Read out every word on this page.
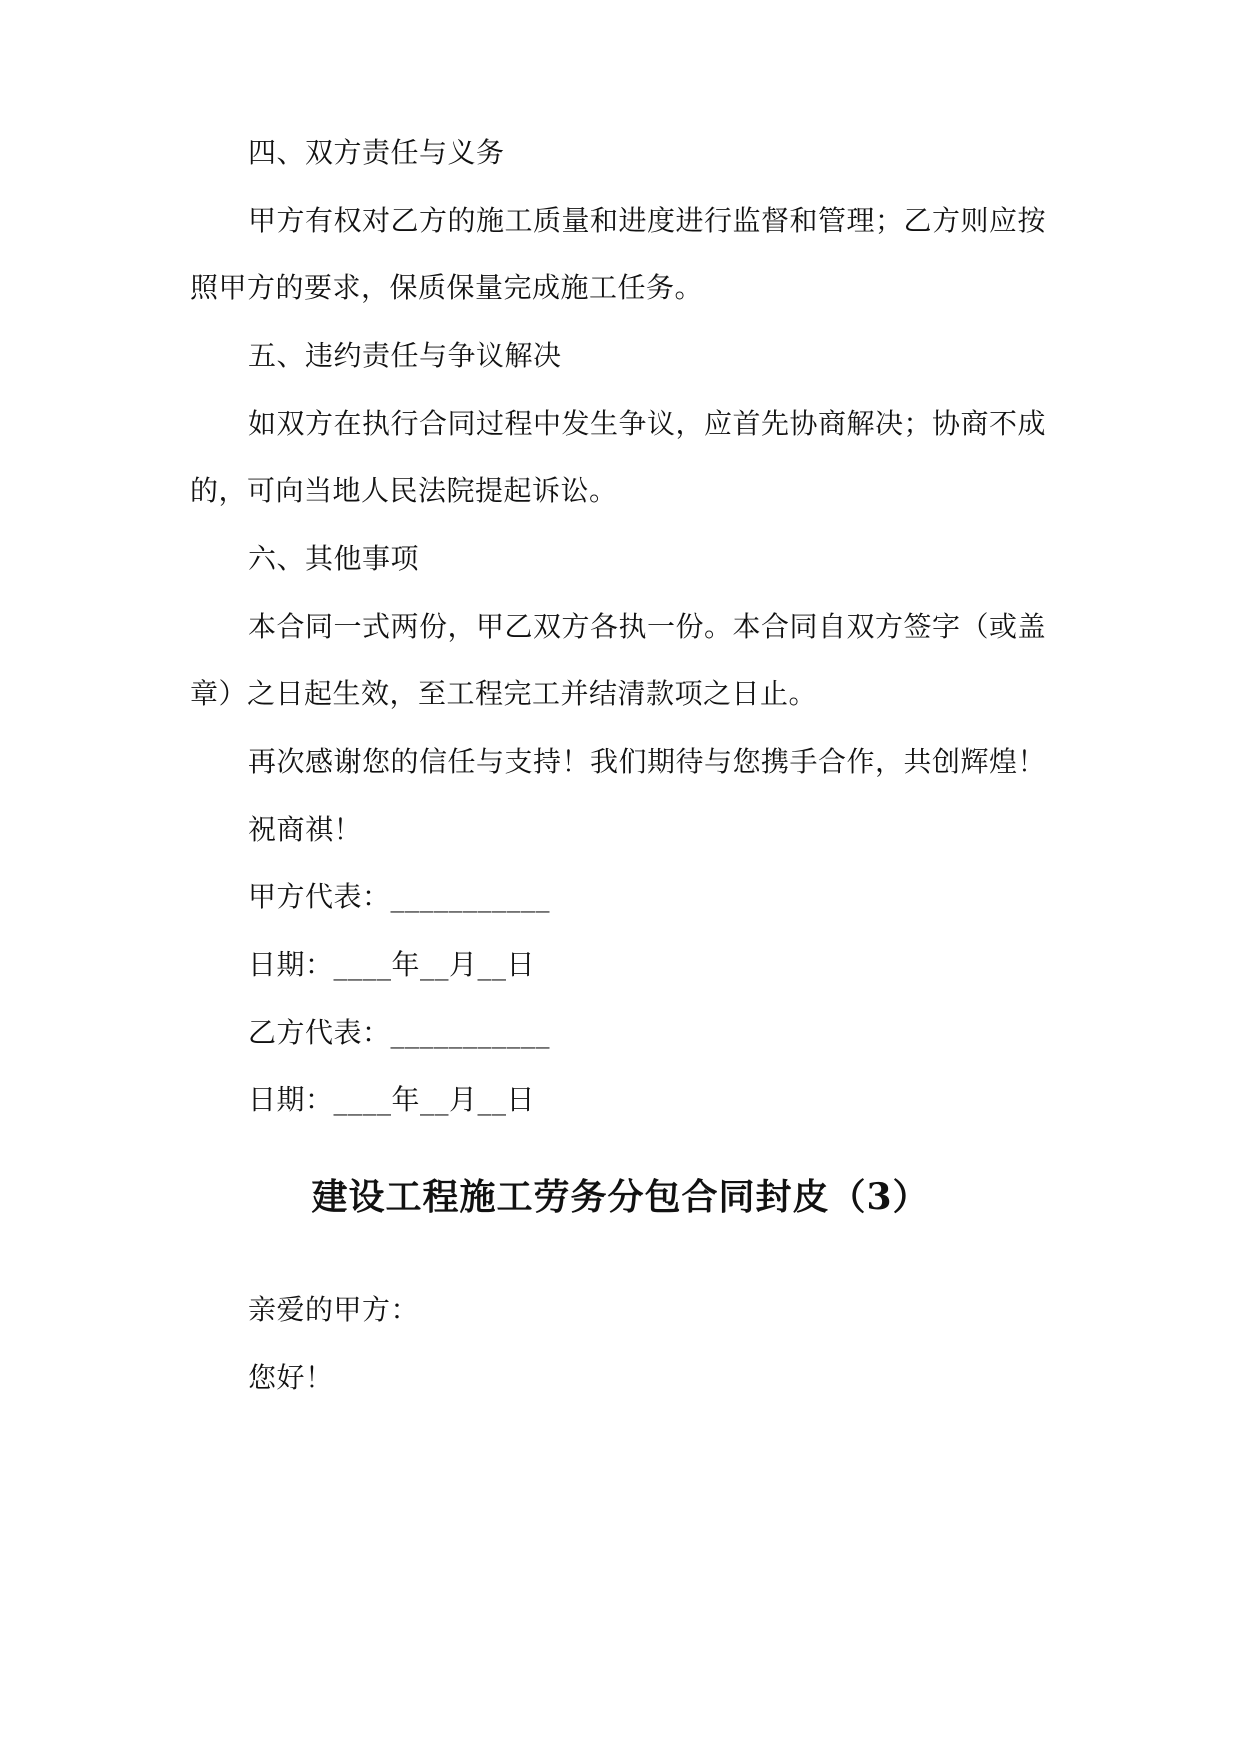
四、双方责任与义务
甲方有权对乙方的施工质量和进度进行监督和管理；乙方则应按
照甲方的要求，保质保量完成施工任务。
五、违约责任与争议解决
如双方在执行合同过程中发生争议，应首先协商解决；协商不成
的，可向当地人民法院提起诉讼。
六、其他事项
本合同一式两份，甲乙双方各执一份。本合同自双方签字（或盖
章）之日起生效，至工程完工并结清款项之日止。
再次感谢您的信任与支持！我们期待与您携手合作，共创辉煌！
祝商祺！
甲方代表：___________
日期：____年__月__日
乙方代表：___________
日期：____年__月__日
建设工程施工劳务分包合同封皮（3）
亲爱的甲方：
您好！
